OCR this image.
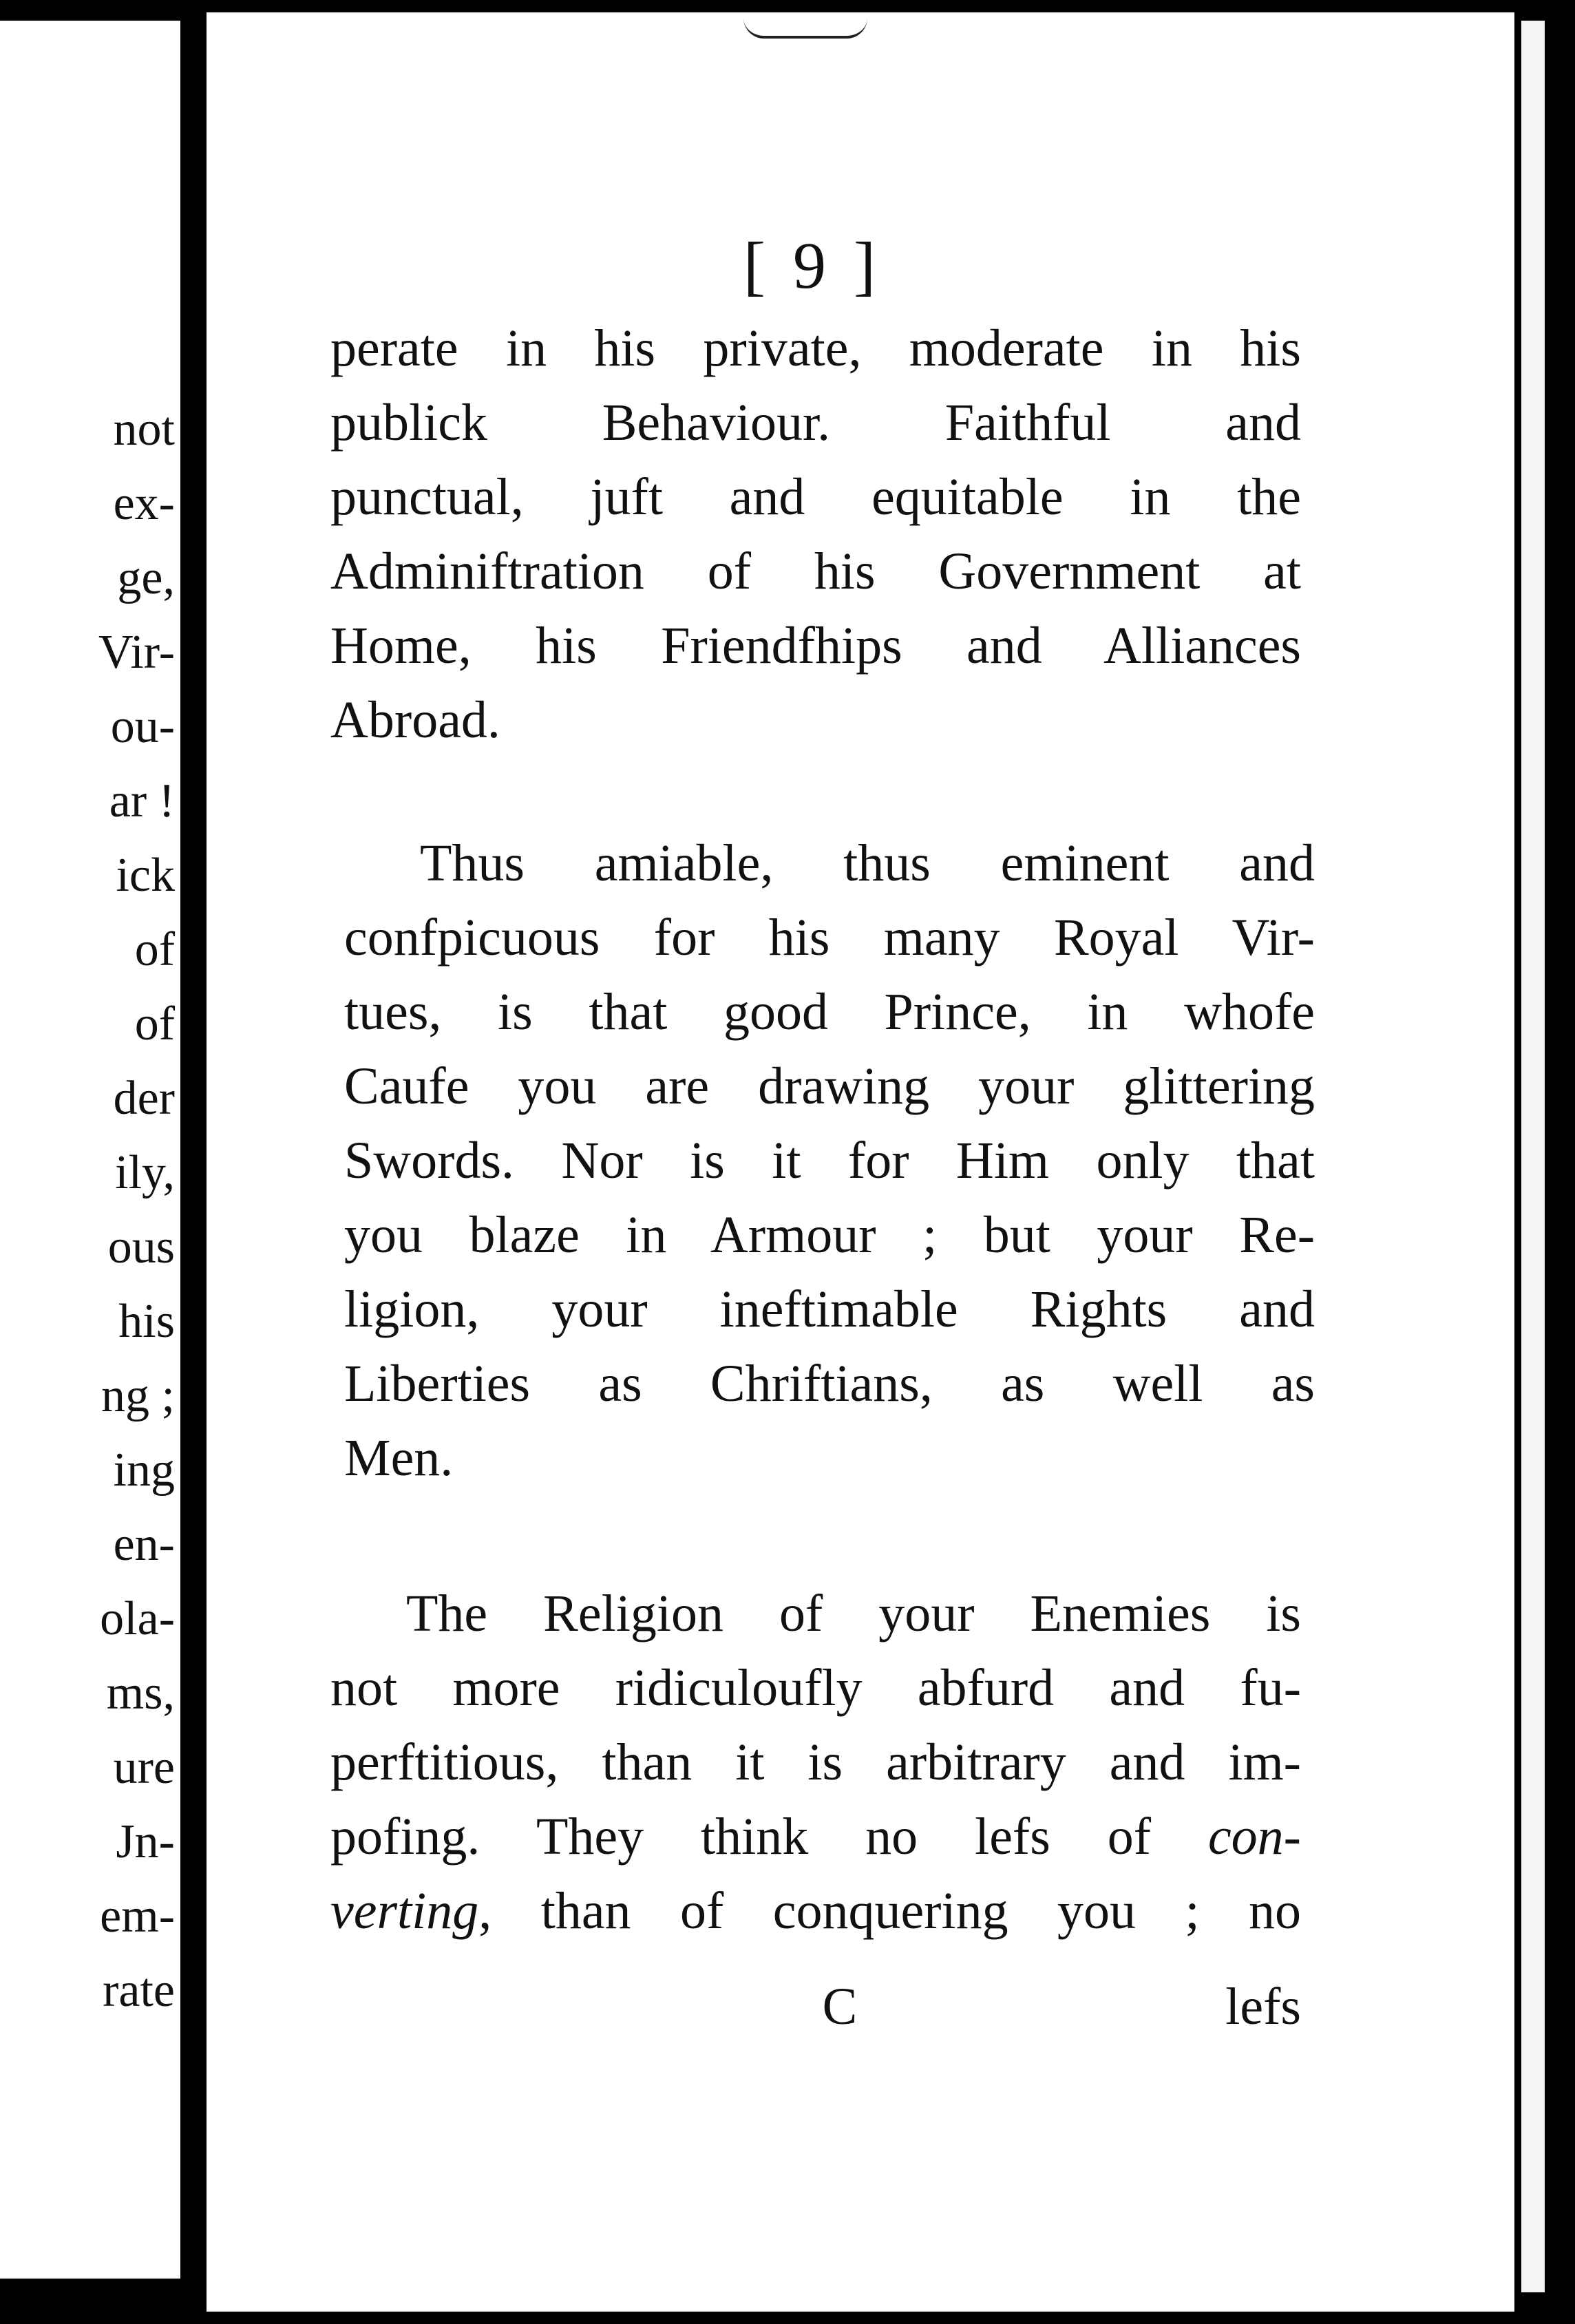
not
ex-
ge,
Vir-
ou-
ar !
ick
of
of
der
ily,
ous
his
ng ;
ing
en-
ola-
ms,
ure
Jn-
em-
rate
[ 9 ]
perate in his private, moderate in his
publick Behaviour. Faithful and
punctual, juft and equitable in the
Adminiftration of his Government at
Home, his Friendfhips and Alliances
Abroad.
Thus amiable, thus eminent and
confpicuous for his many Royal Vir-
tues, is that good Prince, in whofe
Caufe you are drawing your glittering
Swords. Nor is it for Him only that
you blaze in Armour ; but your Re-
ligion, your ineftimable Rights and
Liberties as Chriftians, as well as
Men.
The Religion of your Enemies is
not more ridiculoufly abfurd and fu-
perftitious, than it is arbitrary and im-
pofing. They think no lefs of con-
verting, than of conquering you ; no
C	lefs
